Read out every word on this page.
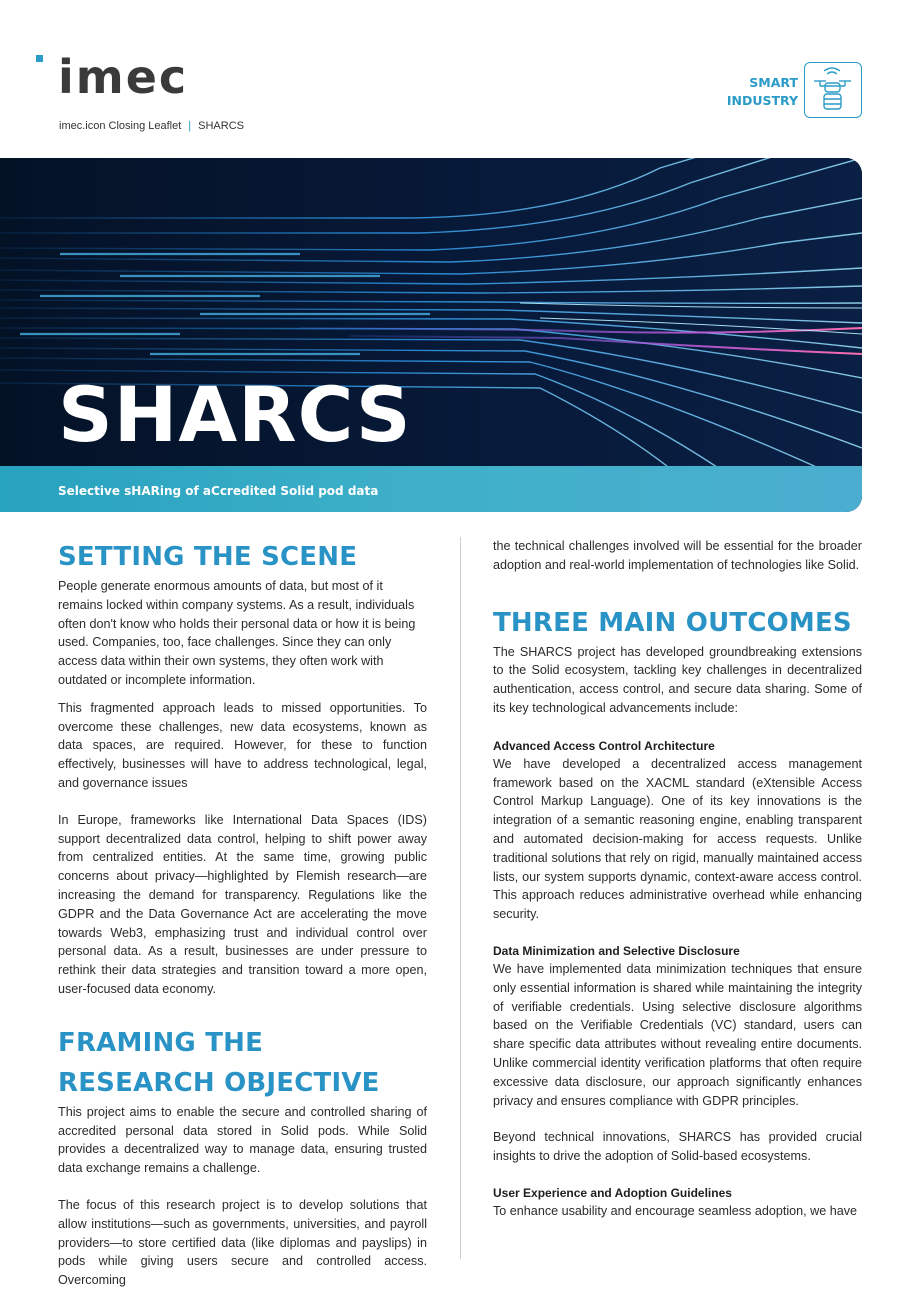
imec
imec.icon Closing Leaflet | SHARCS
SMART
INDUSTRY
SHARCS
Selective sHARing of aCcredited Solid pod data
SETTING THE SCENE

People generate enormous amounts of data, but most of it remains locked within company systems. As a result, individuals often don't know who holds their personal data or how it is being used. Companies, too, face challenges. Since they can only access data within their own systems, they often work with outdated or incomplete information.

This fragmented approach leads to missed opportunities. To overcome these challenges, new data ecosystems, known as data spaces, are required. However, for these to function effectively, businesses will have to address technological, legal, and governance issues

In Europe, frameworks like International Data Spaces (IDS) support decentralized data control, helping to shift power away from centralized entities. At the same time, growing public concerns about privacy—highlighted by Flemish research—are increasing the demand for transparency. Regulations like the GDPR and the Data Governance Act are accelerating the move towards Web3, emphasizing trust and individual control over personal data. As a result, businesses are under pressure to rethink their data strategies and transition toward a more open, user-focused data economy.

FRAMING THE RESEARCH OBJECTIVE

This project aims to enable the secure and controlled sharing of accredited personal data stored in Solid pods. While Solid provides a decentralized way to manage data, ensuring trusted data exchange remains a challenge.

The focus of this research project is to develop solutions that allow institutions—such as governments, universities, and payroll providers—to store certified data (like diplomas and payslips) in pods while giving users secure and controlled access. Overcoming

the technical challenges involved will be essential for the broader adoption and real-world implementation of technologies like Solid.

THREE MAIN OUTCOMES

The SHARCS project has developed groundbreaking extensions to the Solid ecosystem, tackling key challenges in decentralized authentication, access control, and secure data sharing. Some of its key technological advancements include:

Advanced Access Control Architecture

We have developed a decentralized access management framework based on the XACML standard (eXtensible Access Control Markup Language). One of its key innovations is the integration of a semantic reasoning engine, enabling transparent and automated decision-making for access requests. Unlike traditional solutions that rely on rigid, manually maintained access lists, our system supports dynamic, context-aware access control. This approach reduces administrative overhead while enhancing security.

Data Minimization and Selective Disclosure

We have implemented data minimization techniques that ensure only essential information is shared while maintaining the integrity of verifiable credentials. Using selective disclosure algorithms based on the Verifiable Credentials (VC) standard, users can share specific data attributes without revealing entire documents. Unlike commercial identity verification platforms that often require excessive data disclosure, our approach significantly enhances privacy and ensures compliance with GDPR principles.

Beyond technical innovations, SHARCS has provided crucial insights to drive the adoption of Solid-based ecosystems.

User Experience and Adoption Guidelines

To enhance usability and encourage seamless adoption, we have
